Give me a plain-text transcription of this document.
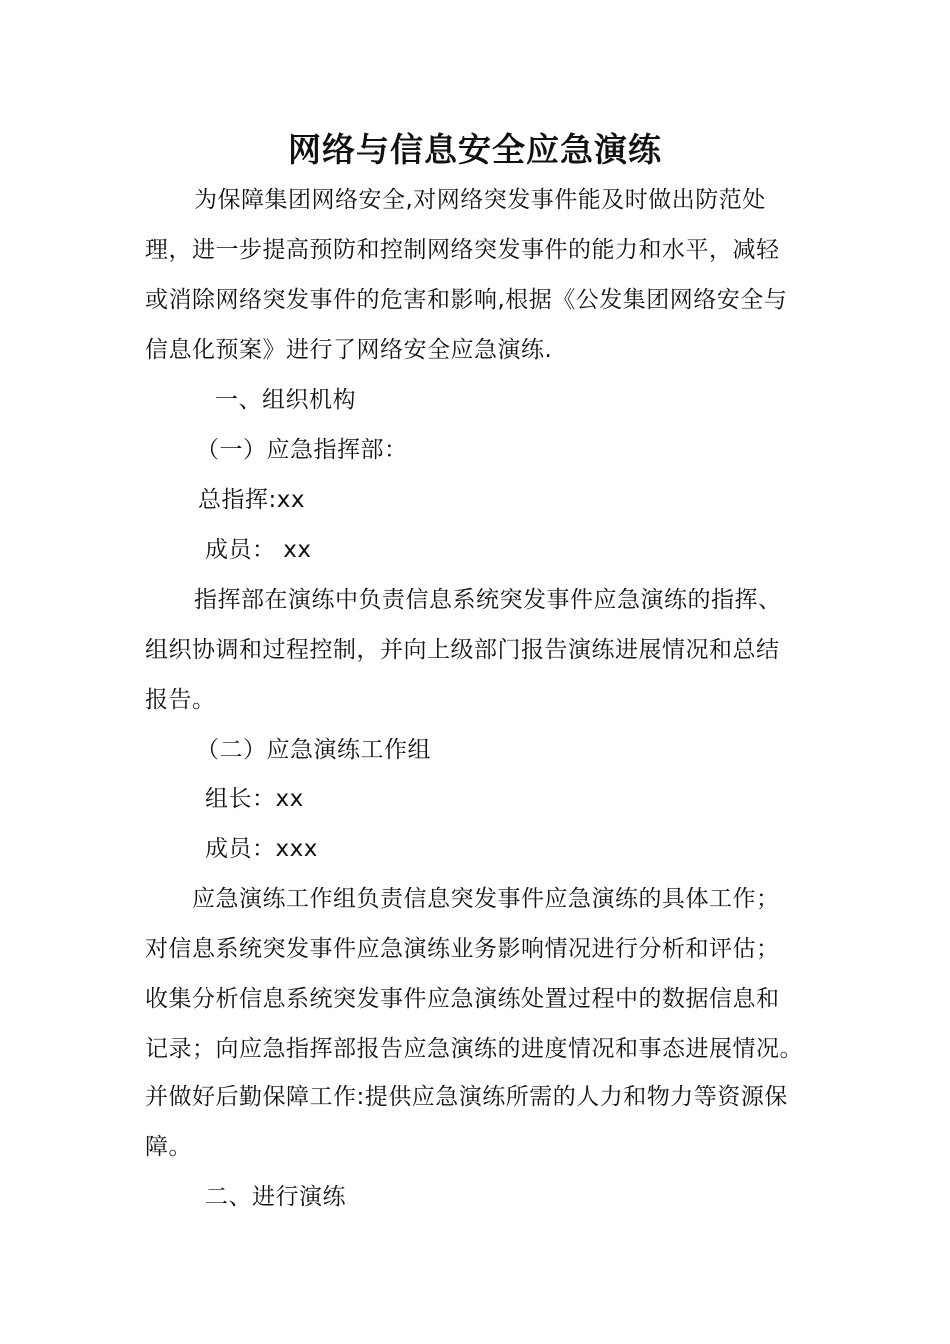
网络与信息安全应急演练
为保障集团网络安全,对网络突发事件能及时做出防范处
理，进一步提高预防和控制网络突发事件的能力和水平，减轻
或消除网络突发事件的危害和影响,根据《公发集团网络安全与
信息化预案》进行了网络安全应急演练.
一、组织机构
（一）应急指挥部：
总指挥:xx
成员： xx
指挥部在演练中负责信息系统突发事件应急演练的指挥、
组织协调和过程控制，并向上级部门报告演练进展情况和总结
报告。
（二）应急演练工作组
组长：xx
成员：xxx
应急演练工作组负责信息突发事件应急演练的具体工作；
对信息系统突发事件应急演练业务影响情况进行分析和评估；
收集分析信息系统突发事件应急演练处置过程中的数据信息和
记录；向应急指挥部报告应急演练的进度情况和事态进展情况。
并做好后勤保障工作:提供应急演练所需的人力和物力等资源保
障。
二、进行演练
